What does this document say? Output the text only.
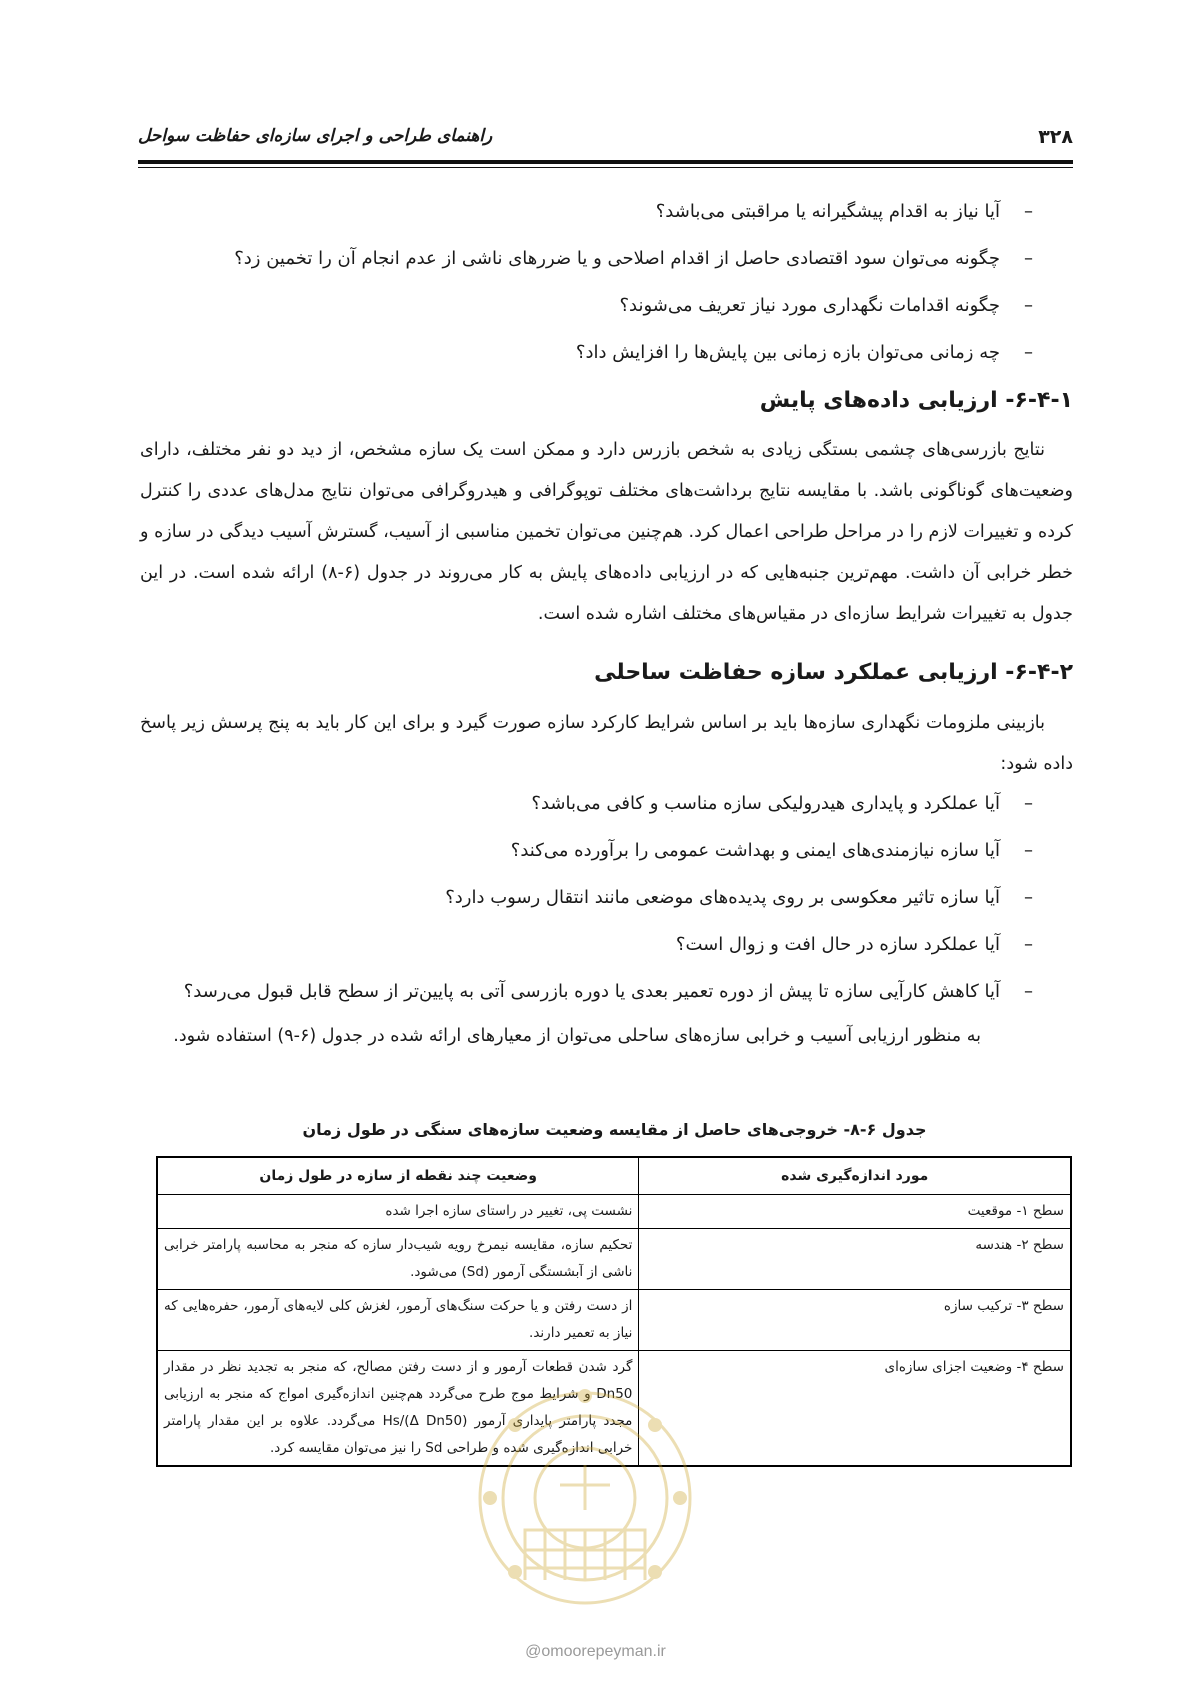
۳۲۸
راهنمای طراحی و اجرای سازه‌ای حفاظت سواحل
–
آیا نیاز به اقدام پیشگیرانه یا مراقبتی می‌باشد؟
–
چگونه می‌توان سود اقتصادی حاصل از اقدام اصلاحی و یا ضررهای ناشی از عدم انجام آن را تخمین زد؟
–
چگونه اقدامات نگهداری مورد نیاز تعریف می‌شوند؟
–
چه زمانی می‌توان بازه زمانی بین پایش‌ها را افزایش داد؟
۶-۴-۱- ارزیابی داده‌های پایش

نتایج بازرسی‌های چشمی بستگی زیادی به شخص بازرس دارد و ممکن است یک سازه مشخص، از دید دو نفر مختلف، دارای وضعیت‌های گوناگونی باشد. با مقایسه نتایج برداشت‌های مختلف توپوگرافی و هیدروگرافی می‌توان نتایج مدل‌های عددی را کنترل کرده و تغییرات لازم را در مراحل طراحی اعمال کرد. هم‌چنین می‌توان تخمین مناسبی از آسیب، گسترش آسیب دیدگی در سازه و خطر خرابی آن داشت. مهم‌ترین جنبه‌هایی که در ارزیابی داده‌های پایش به کار می‌روند در جدول (۶-۸) ارائه شده است. در این جدول به تغییرات شرایط سازه‌ای در مقیاس‌های مختلف اشاره شده است.

۶-۴-۲- ارزیابی عملکرد سازه حفاظت ساحلی

بازبینی ملزومات نگهداری سازه‌ها باید بر اساس شرایط کارکرد سازه صورت گیرد و برای این کار باید به پنج پرسش زیر پاسخ داده شود:

–
آیا عملکرد و پایداری هیدرولیکی سازه مناسب و کافی می‌باشد؟
–
آیا سازه نیازمندی‌های ایمنی و بهداشت عمومی را برآورده می‌کند؟
–
آیا سازه تاثیر معکوسی بر روی پدیده‌های موضعی مانند انتقال رسوب دارد؟
–
آیا عملکرد سازه در حال افت و زوال است؟
–
آیا کاهش کارآیی سازه تا پیش از دوره تعمیر بعدی یا دوره بازرسی آتی به پایین‌تر از سطح قابل قبول می‌رسد؟

به منظور ارزیابی آسیب و خرابی سازه‌های ساحلی می‌توان از معیارهای ارائه شده در جدول (۶-۹) استفاده شود.

جدول ۶-۸- خروجی‌های حاصل از مقایسه وضعیت سازه‌های سنگی در طول زمان
مورد اندازه‌گیری شده	وضعیت چند نقطه از سازه در طول زمان
سطح ۱- موقعیت	نشست پی، تغییر در راستای سازه اجرا شده
سطح ۲- هندسه	تحکیم سازه، مقایسه نیمرخ رویه شیب‌دار سازه که منجر به محاسبه پارامتر خرابی ناشی از آبشستگی آرمور (Sd) می‌شود.
سطح ۳- ترکیب سازه	از دست رفتن و یا حرکت سنگ‌های آرمور، لغزش کلی لایه‌های آرمور، حفره‌هایی که نیاز به تعمیر دارند.
سطح ۴- وضعیت اجزای سازه‌ای	گرد شدن قطعات آرمور و از دست رفتن مصالح، که منجر به تجدید نظر در مقدار Dn50 و شرایط موج طرح می‌گردد هم‌چنین اندازه‌گیری امواج که منجر به ارزیابی مجدد پارامتر پایداری آرمور (Hs/(Δ Dn50 می‌گردد. علاوه بر این مقدار پارامتر خرابی اندازه‌گیری شده و طراحی Sd را نیز می‌توان مقایسه کرد.
@omoorepeyman.ir
